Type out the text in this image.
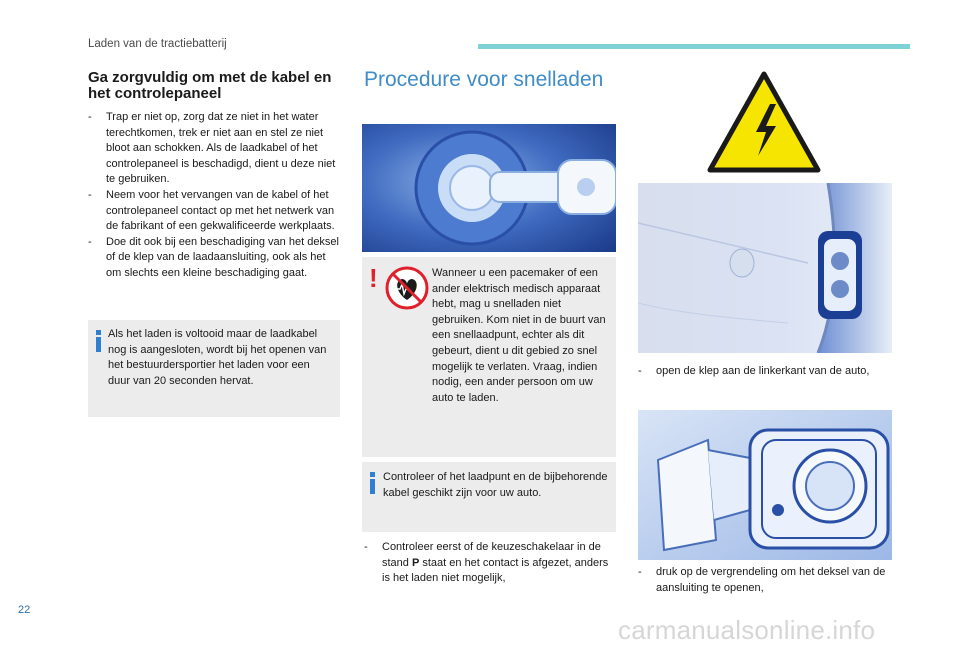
Laden van de tractiebatterij
Ga zorgvuldig om met de kabel en het controlepaneel
- Trap er niet op, zorg dat ze niet in het water terechtkomen, trek er niet aan en stel ze niet bloot aan schokken. Als de laadkabel of het controlepaneel is beschadigd, dient u deze niet te gebruiken.
- Neem voor het vervangen van de kabel of het controlepaneel contact op met het netwerk van de fabrikant of een gekwalificeerde werkplaats.
- Doe dit ook bij een beschadiging van het deksel of de klep van de laadaansluiting, ook als het om slechts een kleine beschadiging gaat.
Als het laden is voltooid maar de laadkabel nog is aangesloten, wordt bij het openen van het bestuurdersportier het laden voor een duur van 20 seconden hervat.
Procedure voor snelladen
!	Wanneer u een pacemaker of een ander elektrisch medisch apparaat hebt, mag u snelladen niet gebruiken. Kom niet in de buurt van een snellaadpunt, echter als dit gebeurt, dient u dit gebied zo snel mogelijk te verlaten. Vraag, indien nodig, een ander persoon om uw auto te laden.
Controleer of het laadpunt en de bijbehorende kabel geschikt zijn voor uw auto.
- Controleer eerst of de keuzeschakelaar in de stand P staat en het contact is afgezet, anders is het laden niet mogelijk,
- open de klep aan de linkerkant van de auto,
- druk op de vergrendeling om het deksel van de aansluiting te openen,
22
carmanualsonline.info
